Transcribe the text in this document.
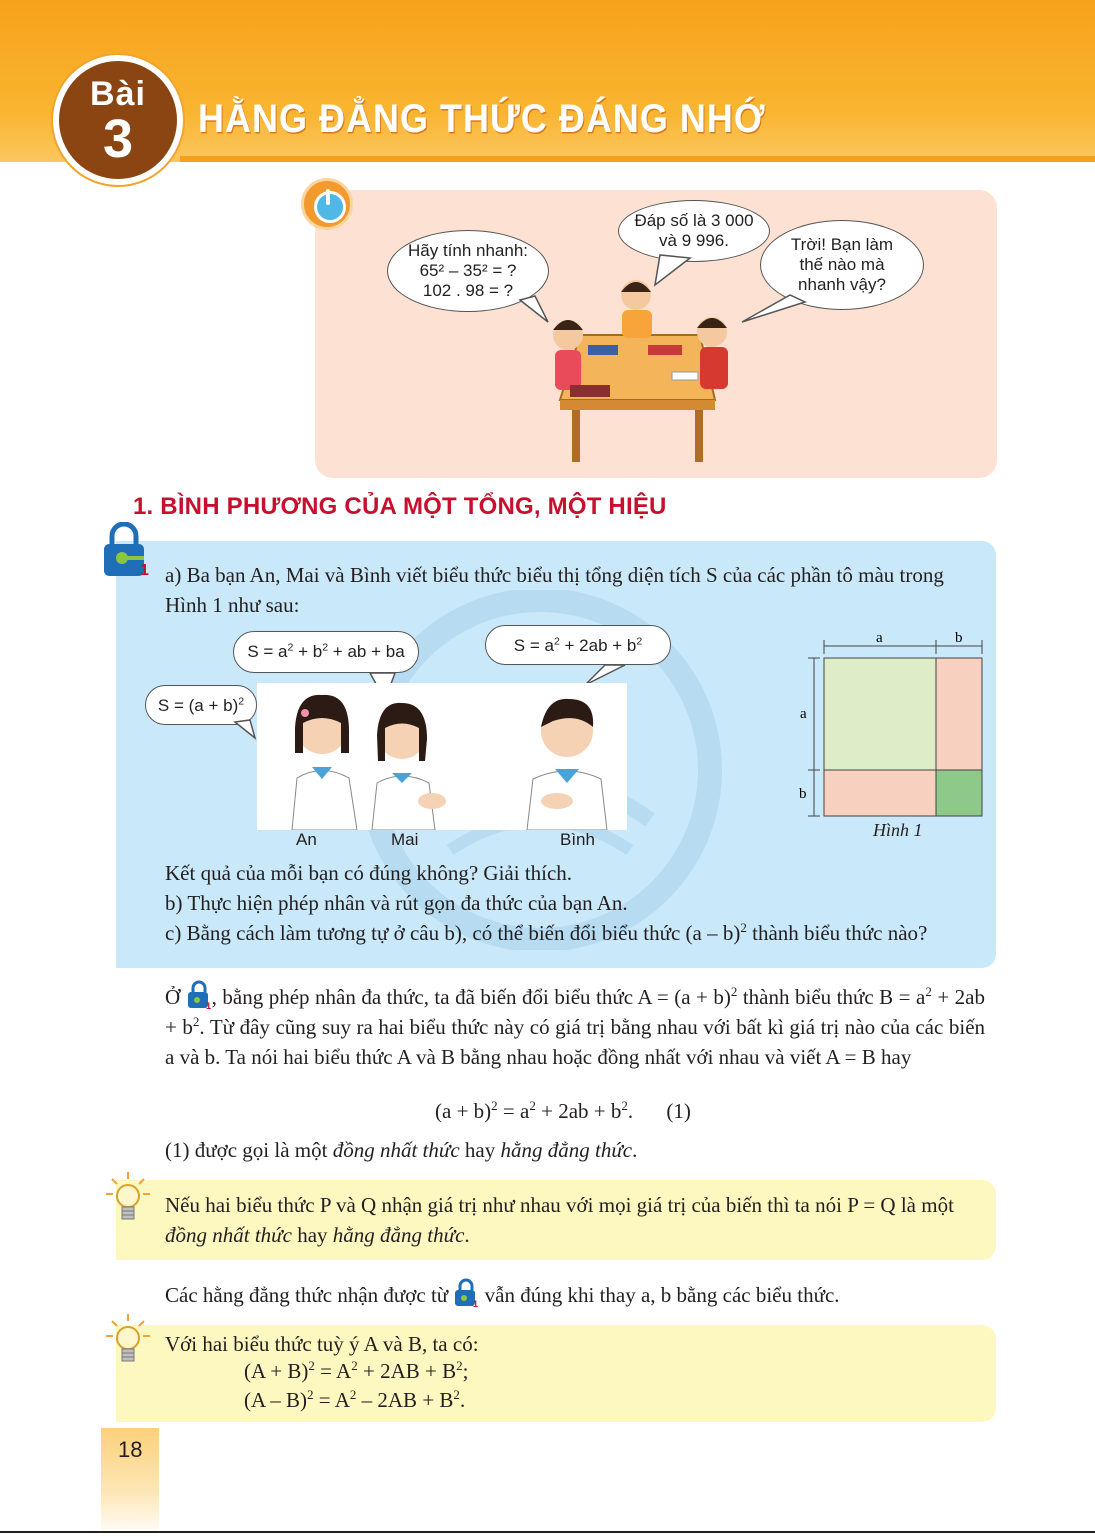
Bài
3	HẰNG ĐẲNG THỨC ĐÁNG NHỚ
Hãy tính nhanh:
65² – 35² = ?
102 . 98 = ?
Đáp số là 3 000
và 9 996.	Trời! Bạn làm
thế nào mà
nhanh vậy?
1. BÌNH PHƯƠNG CỦA MỘT TỔNG, MỘT HIỆU
1 a) Ba bạn An, Mai và Bình viết biểu thức biểu thị tổng diện tích S của các phần tô màu trong Hình 1 như sau:
$S = a^2 + b^2$ + ab + ba	$S = a^2 + 2ab + b^2$
$S = (a + b)^2$
An	Mai	Bình
a	b
a
b
Hình 1
Kết quả của mỗi bạn có đúng không? Giải thích.
b) Thực hiện phép nhân và rút gọn đa thức của bạn An.
c) Bằng cách làm tương tự ở câu b), có thể biến đổi biểu thức (a – b)$^2$ thành biểu thức nào?
Ở	1 , bằng phép nhân đa thức, ta đã biến đổi biểu thức $A = (a + b)^2$ thành biểu thức $B = a^2 + 2ab + b^2$. Từ đây cũng suy ra hai biểu thức này có giá trị bằng nhau với bất kì giá trị nào của các biến a và b. Ta nói hai biểu thức A và B bằng nhau hoặc đồng nhất với nhau và viết A = B hay
$(a + b)^2 = a^2 + 2ab + b^2$. (1)
(1) được gọi là một đồng nhất thức hay hằng đẳng thức.
Nếu hai biểu thức P và Q nhận giá trị như nhau với mọi giá trị của biến thì ta nói P = Q là một đồng nhất thức hay hằng đẳng thức.
Các hằng đẳng thức nhận được từ	1 vẫn đúng khi thay a, b bằng các biểu thức.
Với hai biểu thức tuỳ ý A và B, ta có:
$(A + B)^2 = A^2 + 2AB + B^2$;
$(A - B)^2 = A^2 - 2AB + B^2$.
18
